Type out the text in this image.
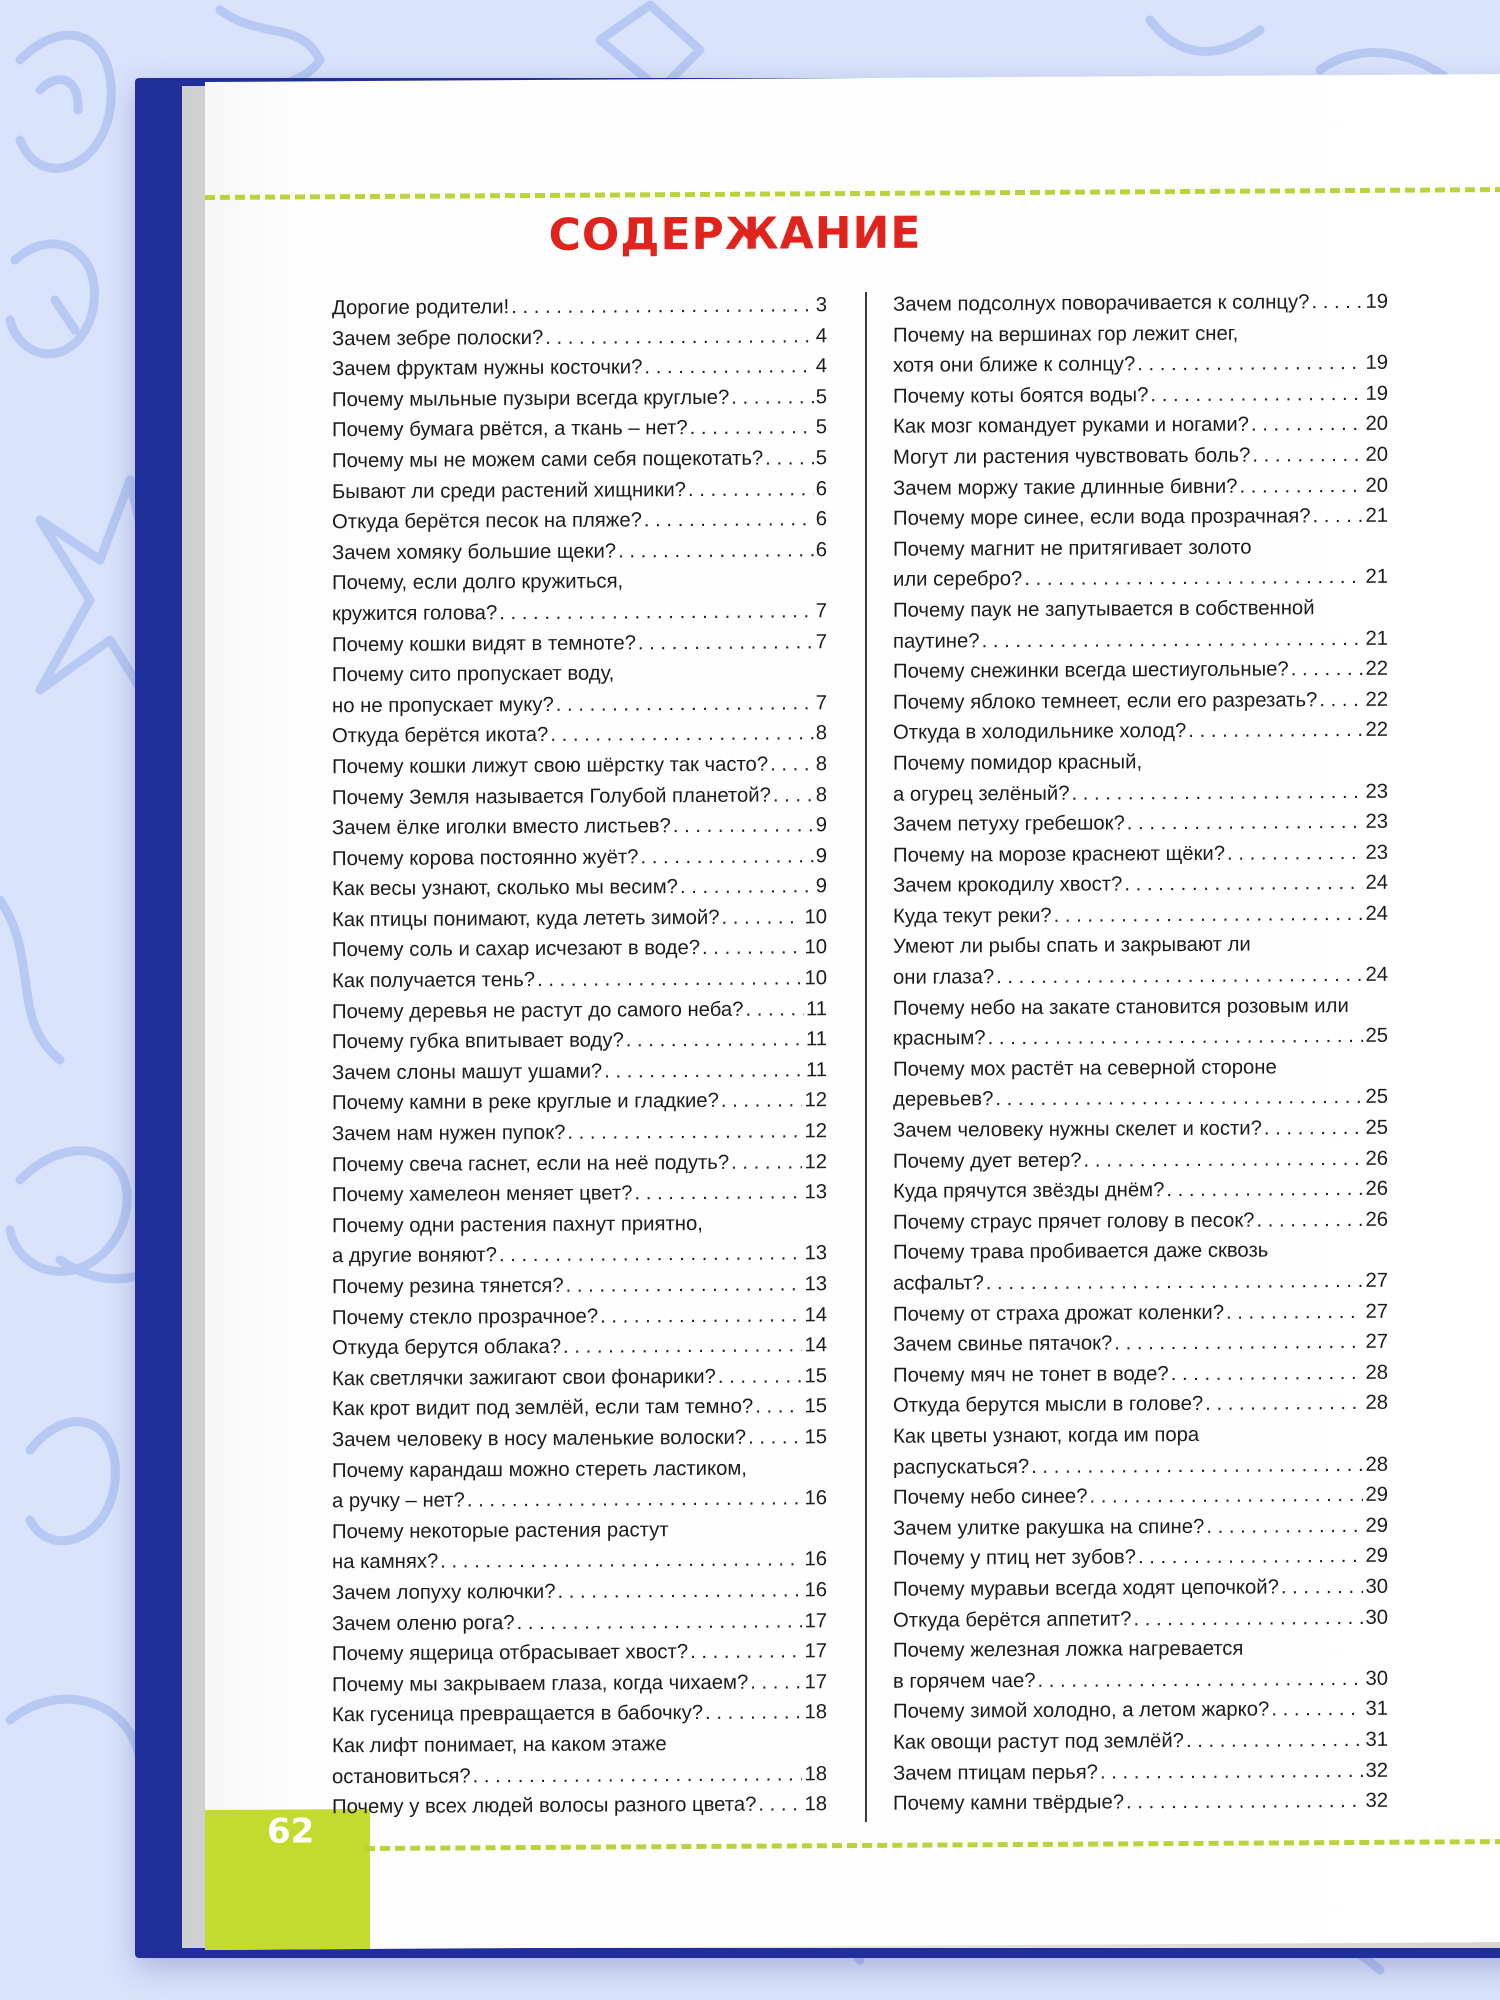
62
СОДЕРЖАНИЕ
Дорогие родители! . . .	3
Зачем зебре полоски? . . .	4
Зачем фруктам нужны косточки? . . .	4
Почему мыльные пузыри всегда круглые? . . .	5
Почему бумага рвётся, а ткань – нет? . . .	5
Почему мы не можем сами себя пощекотать? . . .	5
Бывают ли среди растений хищники? . . .	6
Откуда берётся песок на пляже? . . .	6
Зачем хомяку большие щеки? . . .	6
Почему, если долго кружиться,
кружится голова? . . .	7
Почему кошки видят в темноте? . . .	7
Почему сито пропускает воду,
но не пропускает муку? . . .	7
Откуда берётся икота? . . .	8
Почему кошки лижут свою шёрстку так часто? . . . 8
Почему Земля называется Голубой планетой? . . . 8
Зачем ёлке иголки вместо листьев? . . .	9
Почему корова постоянно жуёт? . . .	9
Как весы узнают, сколько мы весим? . . .	9
Как птицы понимают, куда лететь зимой? . . .	10
Почему соль и сахар исчезают в воде? . . .	10
Как получается тень? . . .	10
Почему деревья не растут до самого неба? . . .	11
Почему губка впитывает воду? . . .	11
Зачем слоны машут ушами? . . .	11
Почему камни в реке круглые и гладкие? . . .	12
Зачем нам нужен пупок? . . .	12
Почему свеча гаснет, если на неё подуть? . . .	12
Почему хамелеон меняет цвет? . . .	13
Почему одни растения пахнут приятно,
а другие воняют? . . .	13
Почему резина тянется? . . .	13
Почему стекло прозрачное? . . .	14
Откуда берутся облака? . . .	14
Как светлячки зажигают свои фонарики? . . .	15
Как крот видит под землёй, если там темно? . . .	15
Зачем человеку в носу маленькие волоски? . . .	15
Почему карандаш можно стереть ластиком,
а ручку – нет? . . .	16
Почему некоторые растения растут
на камнях? . . .	16
Зачем лопуху колючки? . . .	16
Зачем оленю рога? . . .	17
Почему ящерица отбрасывает хвост? . . .	17
Почему мы закрываем глаза, когда чихаем? . . .	17
Как гусеница превращается в бабочку? . . .	18
Как лифт понимает, на каком этаже
остановиться? . . .	18
Почему у всех людей волосы разного цвета? . . . 18
Зачем подсолнух поворачивается к солнцу? . . .	19
Почему на вершинах гор лежит снег,
хотя они ближе к солнцу? . . .	19
Почему коты боятся воды? . . .	19
Как мозг командует руками и ногами? . . .	20
Могут ли растения чувствовать боль? . . .	20
Зачем моржу такие длинные бивни? . . .	20
Почему море синее, если вода прозрачная? . . .	21
Почему магнит не притягивает золото
или серебро? . . .	21
Почему паук не запутывается в собственной
паутине? . . .	21
Почему снежинки всегда шестиугольные? . . .	22
Почему яблоко темнеет, если его разрезать? . . . 22
Откуда в холодильнике холод? . . .	22
Почему помидор красный,
а огурец зелёный? . . .	23
Зачем петуху гребешок? . . .	23
Почему на морозе краснеют щёки? . . .	23
Зачем крокодилу хвост? . . .	24
Куда текут реки? . . .	24
Умеют ли рыбы спать и закрывают ли
они глаза? . . .	24
Почему небо на закате становится розовым или
красным? . . .	25
Почему мох растёт на северной стороне
деревьев? . . .	25
Зачем человеку нужны скелет и кости? . . .	25
Почему дует ветер? . . .	26
Куда прячутся звёзды днём? . . .	26
Почему страус прячет голову в песок? . . .	26
Почему трава пробивается даже сквозь
асфальт? . . .	27
Почему от страха дрожат коленки? . . .	27
Зачем свинье пятачок? . . .	27
Почему мяч не тонет в воде? . . .	28
Откуда берутся мысли в голове? . . .	28
Как цветы узнают, когда им пора
распускаться? . . .	28
Почему небо синее? . . .	29
Зачем улитке ракушка на спине? . . .	29
Почему у птиц нет зубов? . . .	29
Почему муравьи всегда ходят цепочкой? . . .	30
Откуда берётся аппетит? . . .	30
Почему железная ложка нагревается
в горячем чае? . . .	30
Почему зимой холодно, а летом жарко? . . .	31
Как овощи растут под землёй? . . .	31
Зачем птицам перья? . . .	32
Почему камни твёрдые? . . .	32
